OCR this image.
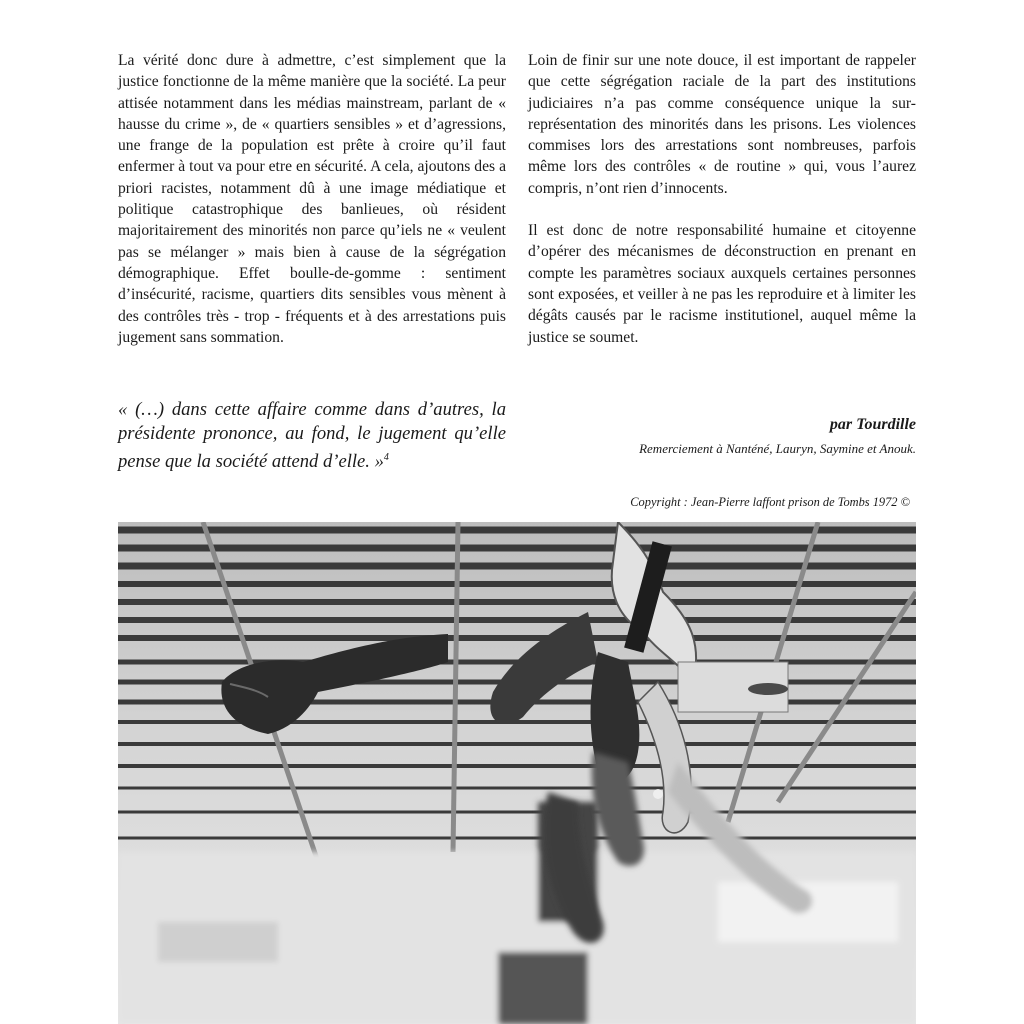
La vérité donc dure à admettre, c’est simplement que la justice fonctionne de la même manière que la société. La peur attisée notamment dans les médias mainstream, parlant de « hausse du crime », de « quartiers sensibles » et d’agressions, une frange de la population est prête à croire qu’il faut enfermer à tout va pour etre en sécurité. A cela, ajoutons des a priori racistes, notamment dû à une image médiatique et politique catastrophique des banlieues, où résident majoritairement des minorités non parce qu’iels ne « veulent pas se mélanger » mais bien à cause de la ségrégation démographique. Effet boulle-de-gomme : sentiment d’insécurité, racisme, quartiers dits sensibles vous mènent à des contrôles très - trop - fréquents et à des arrestations puis jugement sans sommation.

Loin de finir sur une note douce, il est important de rappeler que cette ségrégation raciale de la part des institutions judiciaires n’a pas comme conséquence unique la sur-représentation des minorités dans les prisons. Les violences commises lors des arrestations sont nombreuses, parfois même lors des contrôles « de routine » qui, vous l’aurez compris, n’ont rien d’innocents.

Il est donc de notre responsabilité humaine et citoyenne d’opérer des mécanismes de déconstruction en prenant en compte les paramètres sociaux auxquels certaines personnes sont exposées, et veiller à ne pas les reproduire et à limiter les dégâts causés par le racisme institutionel, auquel même la justice se soumet.

« (…) dans cette affaire comme dans d’autres, la présidente prononce, au fond, le jugement qu’elle pense que la société attend d’elle. »$^4$
par Tourdille
Remerciement à Nanténé, Lauryn, Saymine et Anouk.
Copyright : Jean-Pierre laffont prison de Tombs 1972 ©
